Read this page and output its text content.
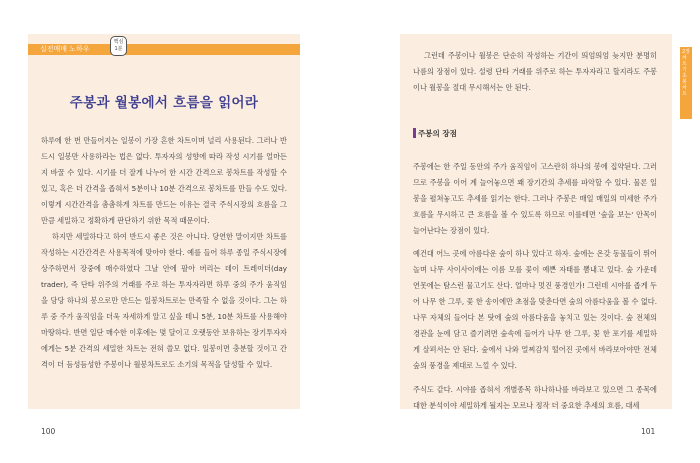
실전매매 노하우
핵심
1분
주봉과 월봉에서 흐름을 읽어라

하루에 한 번 만들어지는 일봉이 가장 흔한 차트이며 널리 사용된다. 그러나 반드시 일봉만 사용하라는 법은 없다. 투자자의 성향에 따라 작성 시기를 얼마든지 바꿀 수 있다. 시기를 더 잘게 나누어 한 시간 간격으로 봉차트를 작성할 수 있고, 혹은 더 간격을 좁혀서 5분이나 10분 간격으로 봉차트를 만들 수도 있다. 이렇게 시간간격을 촘촘하게 차트를 만드는 이유는 결국 주식시장의 흐름을 그만큼 세밀하고 정확하게 판단하기 위한 목적 때문이다.

하지만 세밀하다고 하여 반드시 좋은 것은 아니다. 당연한 말이지만 차트를 작성하는 시간간격은 사용목적에 맞아야 한다. 예를 들어 하루 종일 주식시장에 상주하면서 장중에 매수하였다 그날 안에 팔아 버리는 데이 트레이더(day trader), 즉 단타 위주의 거래를 주로 하는 투자자라면 하루 중의 주가 움직임을 담당 하나의 봉으로만 만드는 일봉차트로는 만족할 수 없을 것이다. 그는 하루 중 주가 움직임을 더욱 자세하게 알고 싶을 테니 5분, 10분 차트를 사용해야 마땅하다. 반면 일단 매수한 이후에는 몇 달이고 오랫동안 보유하는 장기투자자에게는 5분 간격의 세밀한 차트는 전혀 쓸모 없다. 일봉이면 충분할 것이고 간격이 더 듬성듬성한 주봉이나 월봉차트로도 소기의 목적을 달성할 수 있다.

그런데 주봉이나 월봉은 단순히 작성하는 기간이 띄엄띄엄 늦지만 분명히 나름의 장점이 있다. 설령 단타 거래를 위주로 하는 투자자라고 할지라도 주봉이나 월봉을 절대 무시해서는 안 된다.

주봉의 장점

주봉에는 한 주일 동안의 주가 움직임이 고스란히 하나의 봉에 집약된다. 그러므로 주봉을 이어 계 늘어놓으면 꽤 장기간의 추세를 파악할 수 있다. 물론 일봉을 펼쳐놓고도 추세를 읽기는 한다. 그러나 주봉은 매일 매일의 미세한 주가 흐름을 무시하고 큰 흐름을 볼 수 있도록 하므로 이를테면 '숲을 보는' 안목이 늘어난다는 장점이 있다.

예건대 어느 곳에 아름다운 숲이 하나 있다고 하자. 숲에는 온갖 동물들이 뛰어놀며 나무 사이사이에는 이름 모를 꽃이 예쁜 자태를 뽐내고 있다. 숲 가운데 연못에는 탐스런 물고기도 산다. 얼마나 멋진 풍경인가! 그런데 시야를 좁게 두어 나무 한 그루, 꽃 한 송이에만 초점을 맞춘다면 숲의 아름다움을 볼 수 없다. 나무 자체의 들어다 본 탓에 숲의 아름다움을 놓치고 있는 것이다. 숲 전체의 경관을 눈에 담고 즐기려면 숲속에 들어가 나무 한 그루, 꽃 한 포기를 세밀하게 살펴서는 안 된다. 숲에서 나와 멀찌감치 떨어진 곳에서 바라보아야만 전체 숲의 풍경을 제대로 느낄 수 있다.

주식도 같다. 시야를 좁혀서 개별종목 하나하나를 바라보고 있으면 그 종목에 대한 분석이야 세밀하게 될지는 모르나 정작 더 중요한 추세의 흐름, 대세

2장 차트기초 봉차트
100	101
